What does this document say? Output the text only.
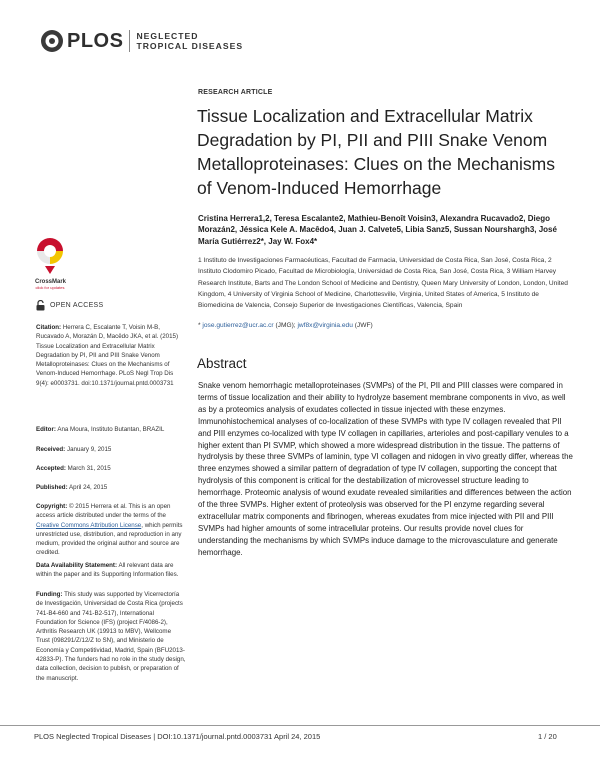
PLOS NEGLECTED
TROPICAL DISEASES
RESEARCH ARTICLE
Tissue Localization and Extracellular Matrix Degradation by PI, PII and PIII Snake Venom Metalloproteinases: Clues on the Mechanisms of Venom-Induced Hemorrhage
Cristina Herrera1,2, Teresa Escalante2, Mathieu-Benoît Voisin3, Alexandra Rucavado2, Diego Morazán2, Jéssica Kele A. Macêdo4, Juan J. Calvete5, Libia Sanz5, Sussan Nourshargh3, José María Gutiérrez2*, Jay W. Fox4*
1 Instituto de Investigaciones Farmacéuticas, Facultad de Farmacia, Universidad de Costa Rica, San José, Costa Rica, 2 Instituto Clodomiro Picado, Facultad de Microbiología, Universidad de Costa Rica, San José, Costa Rica, 3 William Harvey Research Institute, Barts and The London School of Medicine and Dentistry, Queen Mary University of London, London, United Kingdom, 4 University of Virginia School of Medicine, Charlottesville, Virginia, United States of America, 5 Instituto de Biomedicina de Valencia, Consejo Superior de Investigaciones Científicas, Valencia, Spain
* jose.gutierrez@ucr.ac.cr (JMG); jwf8x@virginia.edu (JWF)
Abstract
Snake venom hemorrhagic metalloproteinases (SVMPs) of the PI, PII and PIII classes were compared in terms of tissue localization and their ability to hydrolyze basement membrane components in vivo, as well as by a proteomics analysis of exudates collected in tissue injected with these enzymes. Immunohistochemical analyses of co-localization of these SVMPs with type IV collagen revealed that PII and PIII enzymes co-localized with type IV collagen in capillaries, arterioles and post-capillary venules to a higher extent than PI SVMP, which showed a more widespread distribution in the tissue. The patterns of hydrolysis by these three SVMPs of laminin, type VI collagen and nidogen in vivo greatly differ, whereas the three enzymes showed a similar pattern of degradation of type IV collagen, supporting the concept that hydrolysis of this component is critical for the destabilization of microvessel structure leading to hemorrhage. Proteomic analysis of wound exudate revealed similarities and differences between the action of the three SVMPs. Higher extent of proteolysis was observed for the PI enzyme regarding several extracellular matrix components and fibrinogen, whereas exudates from mice injected with PII and PIII SVMPs had higher amounts of some intracellular proteins. Our results provide novel clues for understanding the mechanisms by which SVMPs induce damage to the microvasculature and generate hemorrhage.
CrossMark
click for updates
OPEN ACCESS
Citation: Herrera C, Escalante T, Voisin M-B, Rucavado A, Morazán D, Macêdo JKA, et al. (2015) Tissue Localization and Extracellular Matrix Degradation by PI, PII and PIII Snake Venom Metalloproteinases: Clues on the Mechanisms of Venom-Induced Hemorrhage. PLoS Negl Trop Dis 9(4): e0003731. doi:10.1371/journal.pntd.0003731
Editor: Ana Moura, Instituto Butantan, BRAZIL
Received: January 9, 2015
Accepted: March 31, 2015
Published: April 24, 2015
Copyright: © 2015 Herrera et al. This is an open access article distributed under the terms of the Creative Commons Attribution License, which permits unrestricted use, distribution, and reproduction in any medium, provided the original author and source are credited.
Data Availability Statement: All relevant data are within the paper and its Supporting Information files.
Funding: This study was supported by Vicerrectoría de Investigación, Universidad de Costa Rica (projects 741-B4-660 and 741-B2-517), International Foundation for Science (IFS) (project F/4086-2), Arthritis Research UK (19913 to MBV), Wellcome Trust (098291/Z/12/Z to SN), and Ministerio de Economía y Competitividad, Madrid, Spain (BFU2013-42833-P). The funders had no role in the study design, data collection, decision to publish, or preparation of the manuscript.
PLOS Neglected Tropical Diseases | DOI:10.1371/journal.pntd.0003731 April 24, 2015	1 / 20
